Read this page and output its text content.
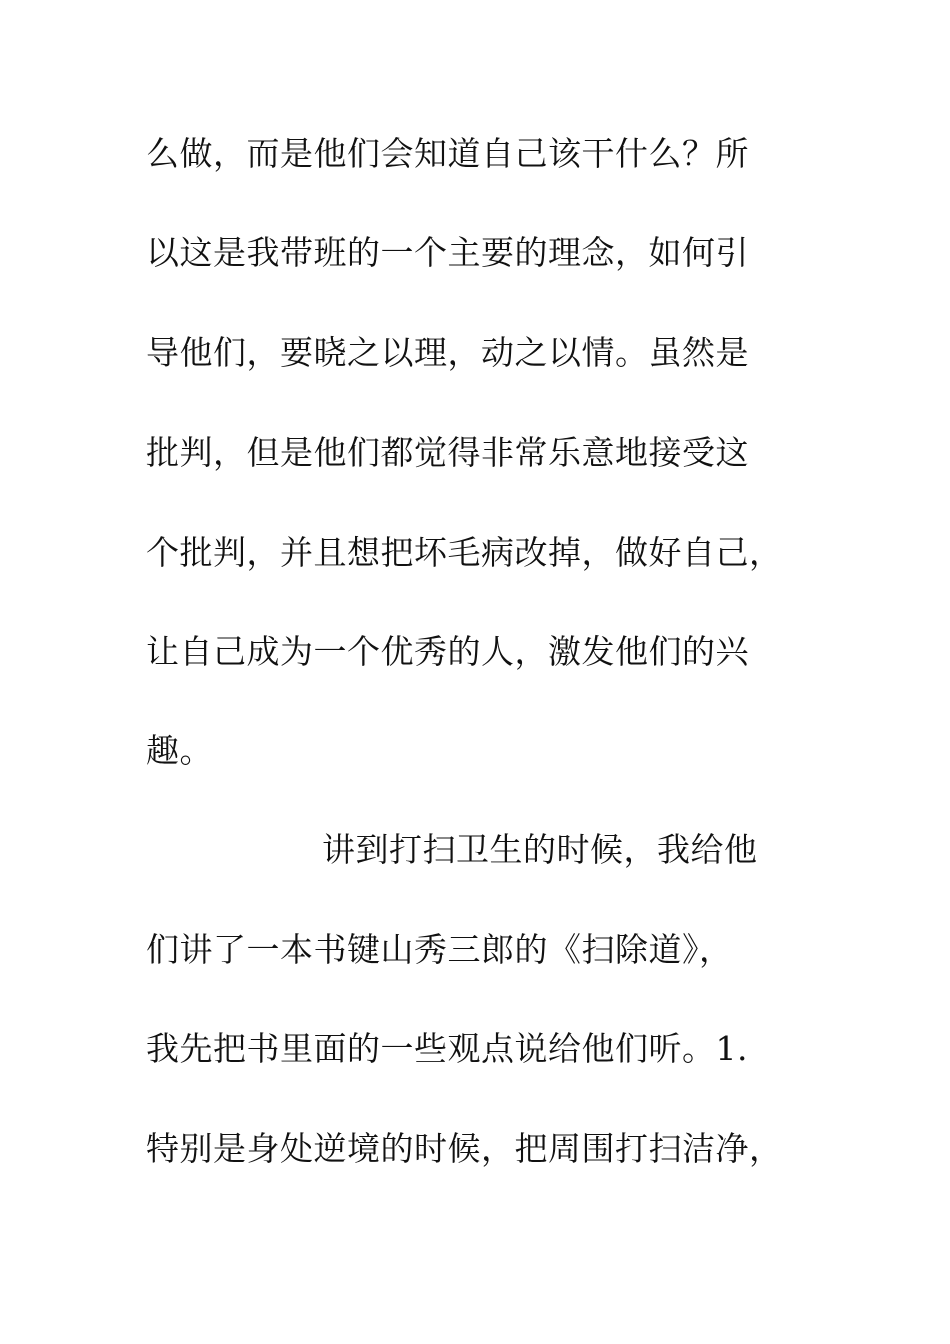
么做，而是他们会知道自己该干什么？所
以这是我带班的一个主要的理念，如何引
导他们，要晓之以理，动之以情。虽然是
批判，但是他们都觉得非常乐意地接受这
个批判，并且想把坏毛病改掉，做好自己，
让自己成为一个优秀的人，激发他们的兴
趣。
讲到打扫卫生的时候，我给他
们讲了一本书键山秀三郎的《扫除道》，
我先把书里面的一些观点说给他们听。1.
特别是身处逆境的时候，把周围打扫洁净，
